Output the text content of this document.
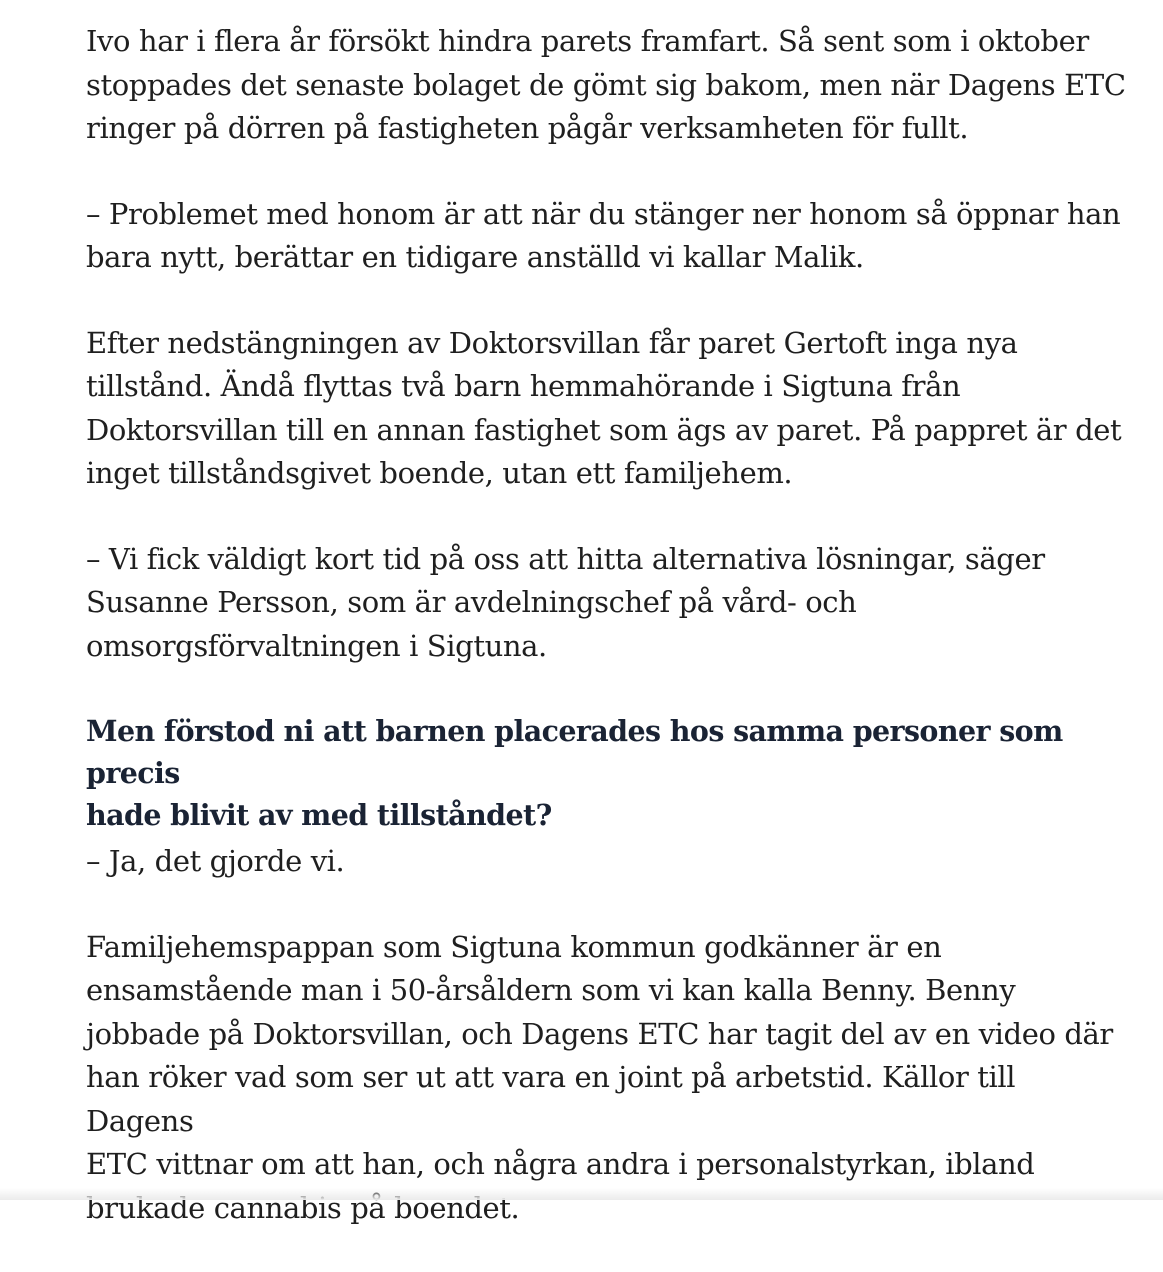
Ivo har i flera år försökt hindra parets framfart. Så sent som i oktober
stoppades det senaste bolaget de gömt sig bakom, men när Dagens ETC
ringer på dörren på fastigheten pågår verksamheten för fullt.

– Problemet med honom är att när du stänger ner honom så öppnar han
bara nytt, berättar en tidigare anställd vi kallar Malik.

Efter nedstängningen av Doktorsvillan får paret Gertoft inga nya
tillstånd. Ändå flyttas två barn hemmahörande i Sigtuna från
Doktorsvillan till en annan fastighet som ägs av paret. På pappret är det
inget tillståndsgivet boende, utan ett familjehem.

– Vi fick väldigt kort tid på oss att hitta alternativa lösningar, säger
Susanne Persson, som är avdelningschef på vård- och
omsorgsförvaltningen i Sigtuna.

Men förstod ni att barnen placerades hos samma personer som precis
hade blivit av med tillståndet?

– Ja, det gjorde vi.

Familjehemspappan som Sigtuna kommun godkänner är en
ensamstående man i 50-årsåldern som vi kan kalla Benny. Benny
jobbade på Doktorsvillan, och Dagens ETC har tagit del av en video där
han röker vad som ser ut att vara en joint på arbetstid. Källor till Dagens
ETC vittnar om att han, och några andra i personalstyrkan, ibland
brukade cannabis på boendet.
